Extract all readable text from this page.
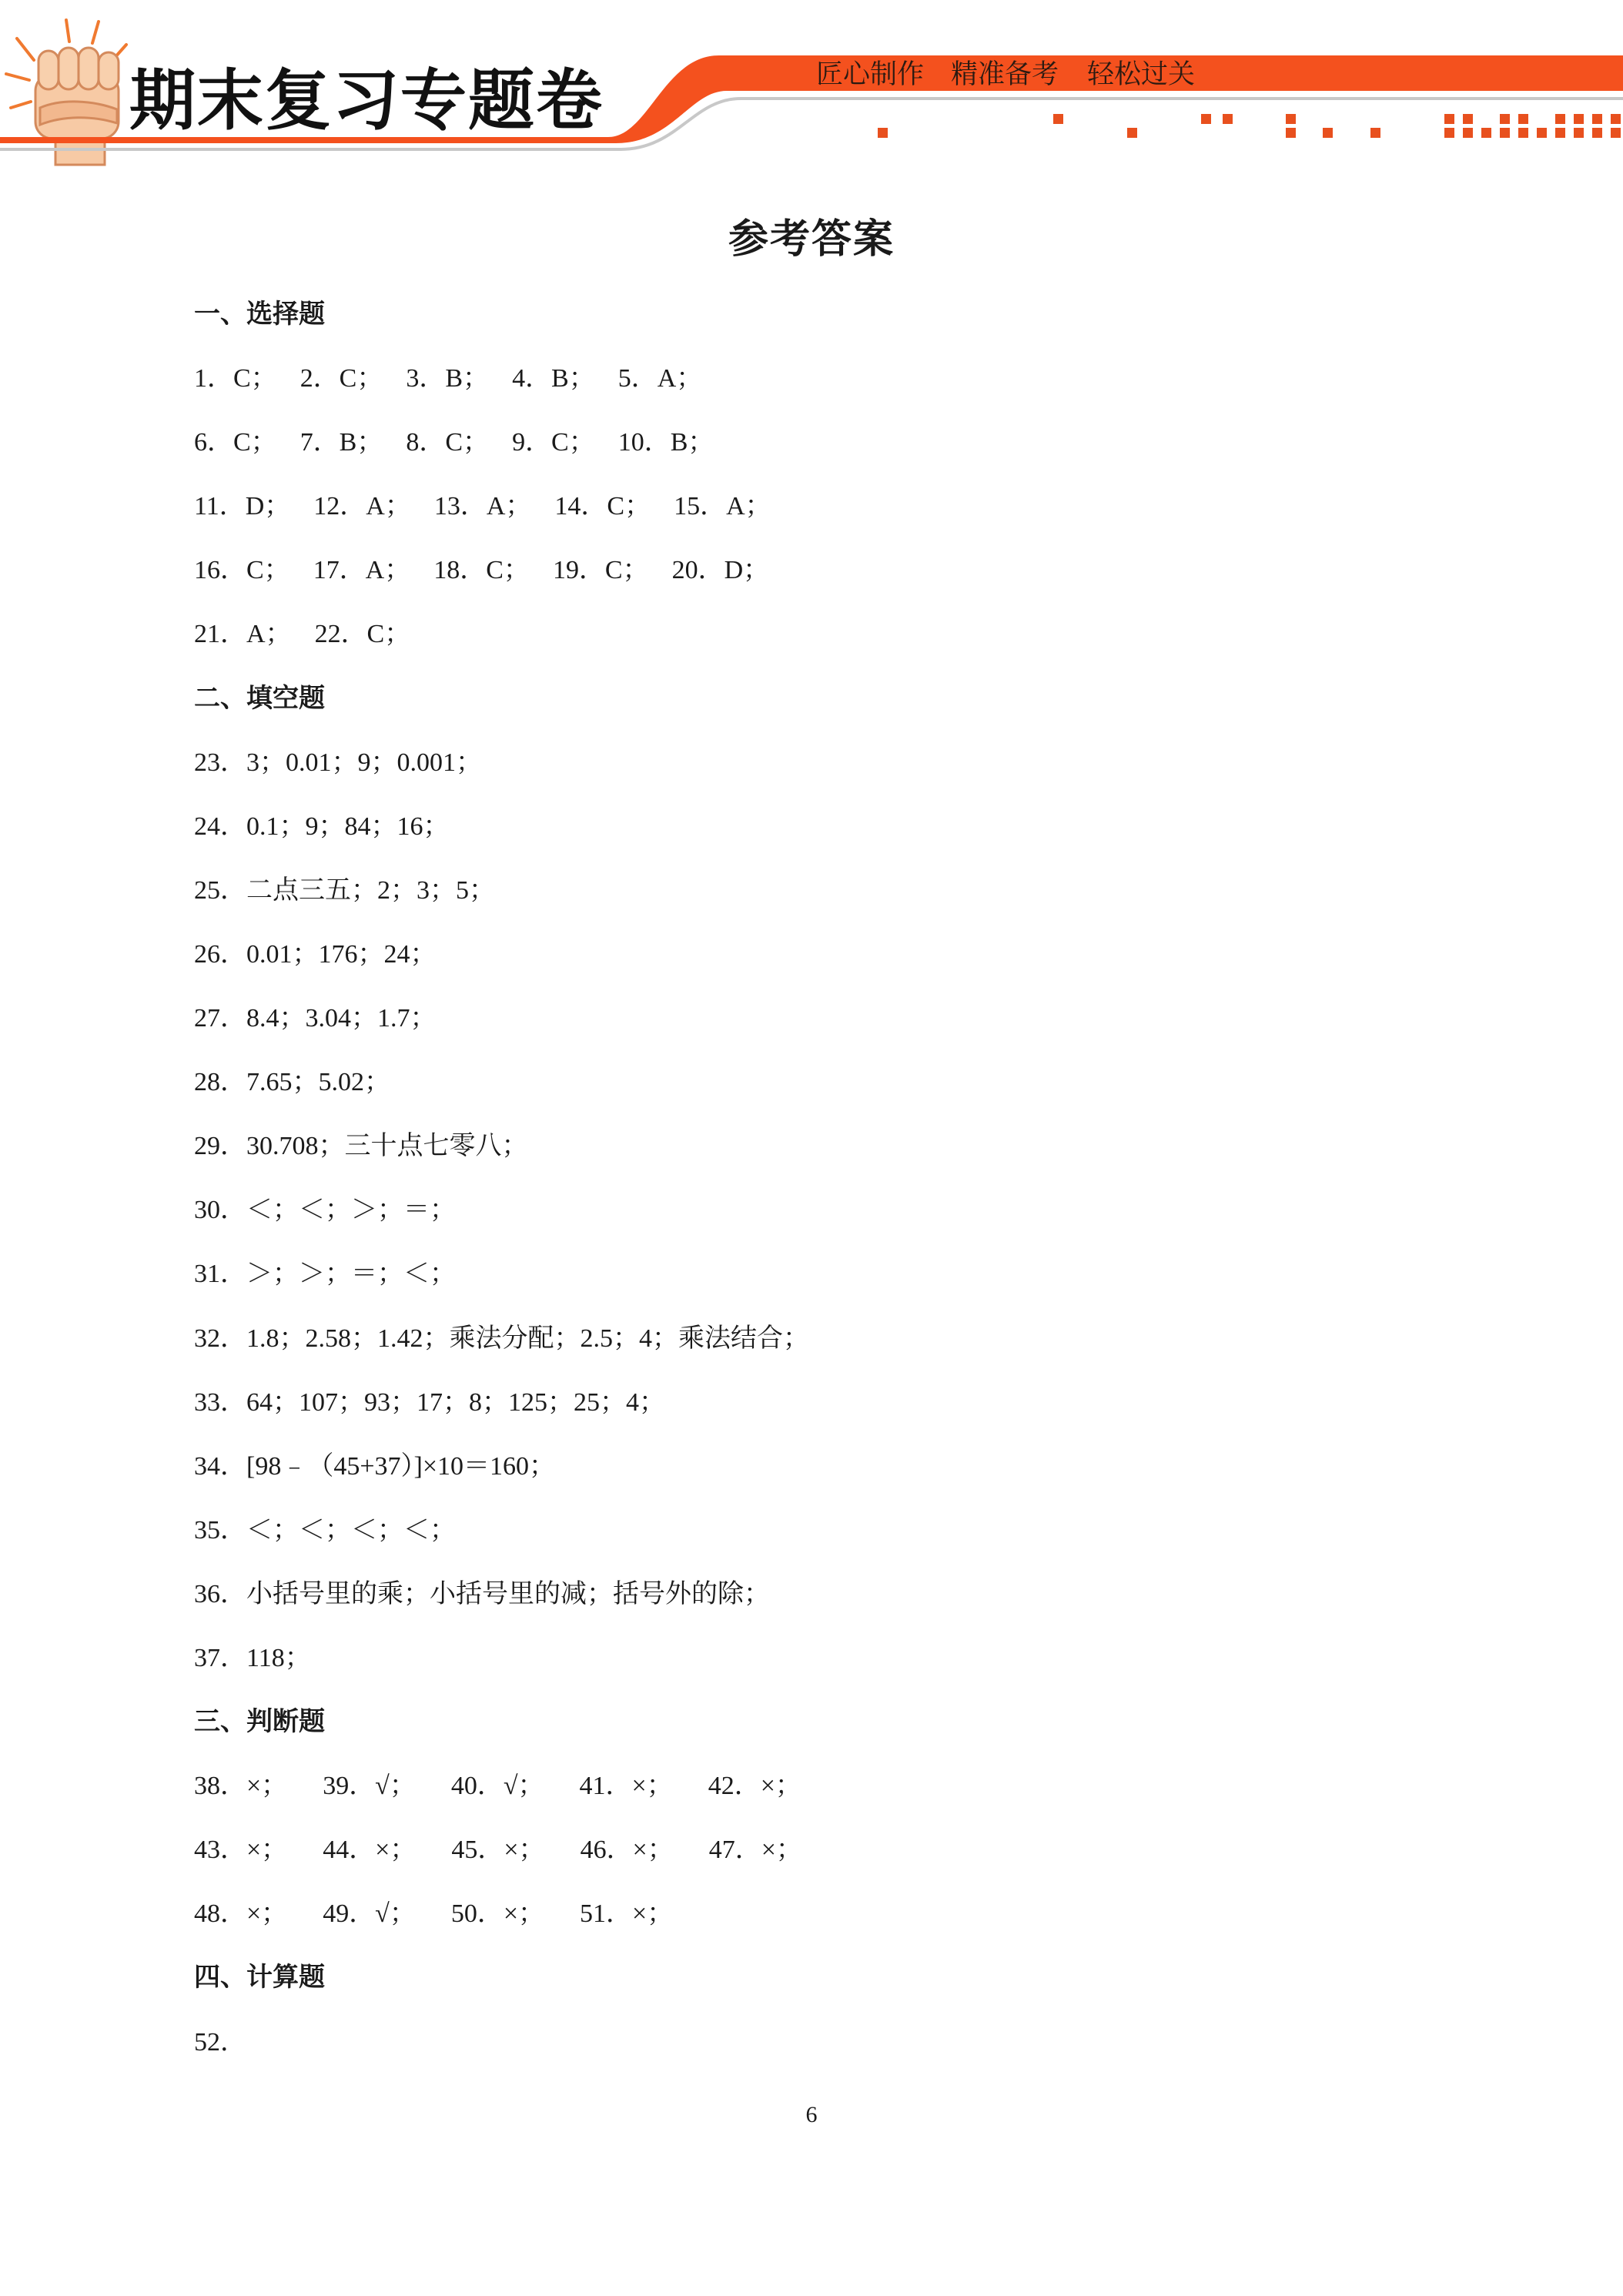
期末复习专题卷	匠心制作 精准备考 轻松过关
参考答案
一、选择题
1．C； 2．C； 3．B； 4．B； 5．A；
6．C； 7．B； 8．C； 9．C； 10．B；
11．D； 12．A； 13．A； 14．C； 15．A；
16．C； 17．A； 18．C； 19．C； 20．D；
21．A； 22．C；
二、填空题
23．3；0.01；9；0.001；
24．0.1；9；84；16；
25．二点三五；2；3；5；
26．0.01；176；24；
27．8.4；3.04；1.7；
28．7.65；5.02；
29．30.708；三十点七零八；
30．＜；＜；＞；＝；
31．＞；＞；＝；＜；
32．1.8；2.58；1.42；乘法分配；2.5；4；乘法结合；
33．64；107；93；17；8；125；25；4；
34．[98﹣（45+37）]×10＝160；
35．＜；＜；＜；＜；
36．小括号里的乘；小括号里的减；括号外的除；
37．118；
三、判断题
38．×； 39．√； 40．√； 41．×； 42．×；
43．×； 44．×； 45．×； 46．×； 47．×；
48．×； 49．√； 50．×； 51．×；
四、计算题
52．
6
